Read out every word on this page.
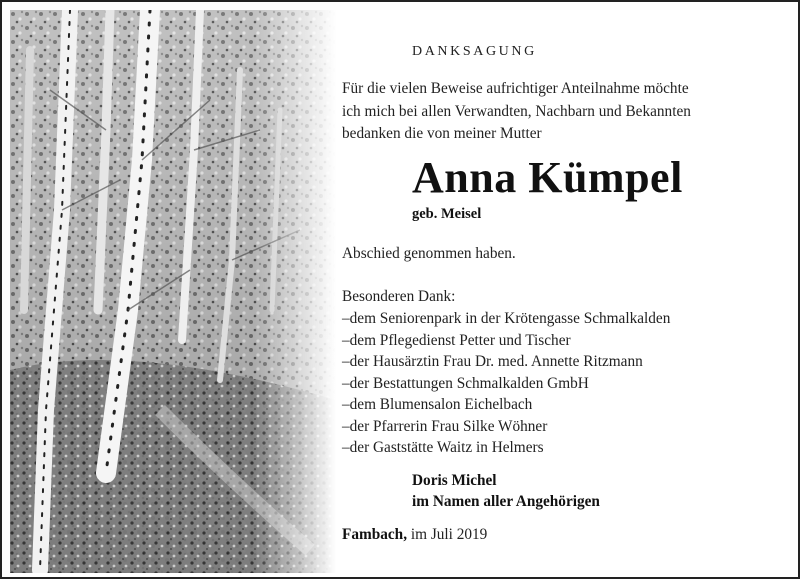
DANKSAGUNG
Für die vielen Beweise aufrichtiger Anteilnahme möchte
ich mich bei allen Verwandten, Nachbarn und Bekannten
bedanken die von meiner Mutter
Anna Kümpel
geb. Meisel
Abschied genommen haben.
Besonderen Dank:
–dem Seniorenpark in der Krötengasse Schmalkalden
–dem Pflegedienst Petter und Tischer
–der Hausärztin Frau Dr. med. Annette Ritzmann
–der Bestattungen Schmalkalden GmbH
–dem Blumensalon Eichelbach
–der Pfarrerin Frau Silke Wöhner
–der Gaststätte Waitz in Helmers
Doris Michel
im Namen aller Angehörigen
Fambach, im Juli 2019
